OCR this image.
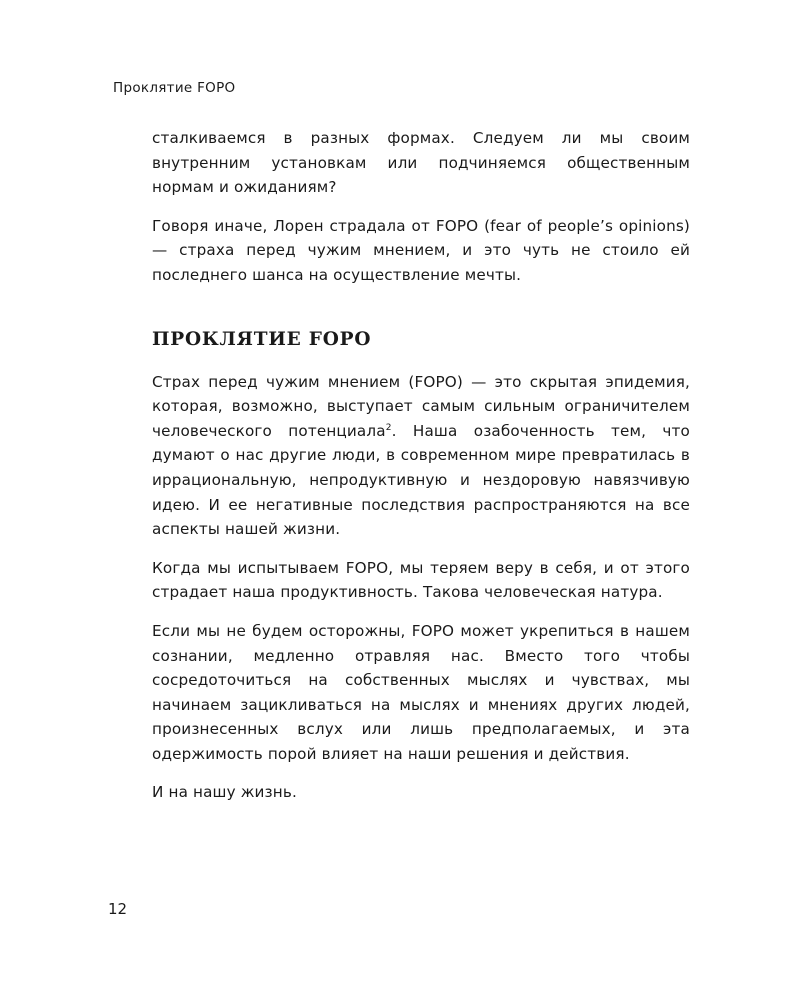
Проклятие FOPO

сталкиваемся в разных формах. Следуем ли мы своим внутренним установкам или подчиняемся общественным нормам и ожиданиям?

Говоря иначе, Лорен страдала от FOPO (fear of people’s opinions) — страха перед чужим мнением, и это чуть не стоило ей последнего шанса на осуществление мечты.

ПРОКЛЯТИЕ FOPO

Страх перед чужим мнением (FOPO) — это скрытая эпидемия, которая, возможно, выступает самым сильным ограничителем человеческого потенциала$^2$. Наша озабоченность тем, что думают о нас другие люди, в современном мире превратилась в иррациональную, непродуктивную и нездоровую навязчивую идею. И ее негативные последствия распространяются на все аспекты нашей жизни.

Когда мы испытываем FOPO, мы теряем веру в себя, и от этого страдает наша продуктивность. Такова человеческая натура.

Если мы не будем осторожны, FOPO может укрепиться в нашем сознании, медленно отравляя нас. Вместо того чтобы сосредоточиться на собственных мыслях и чувствах, мы начинаем зацикливаться на мыслях и мнениях других людей, произнесенных вслух или лишь предполагаемых, и эта одержимость порой влияет на наши решения и действия.

И на нашу жизнь.

12
